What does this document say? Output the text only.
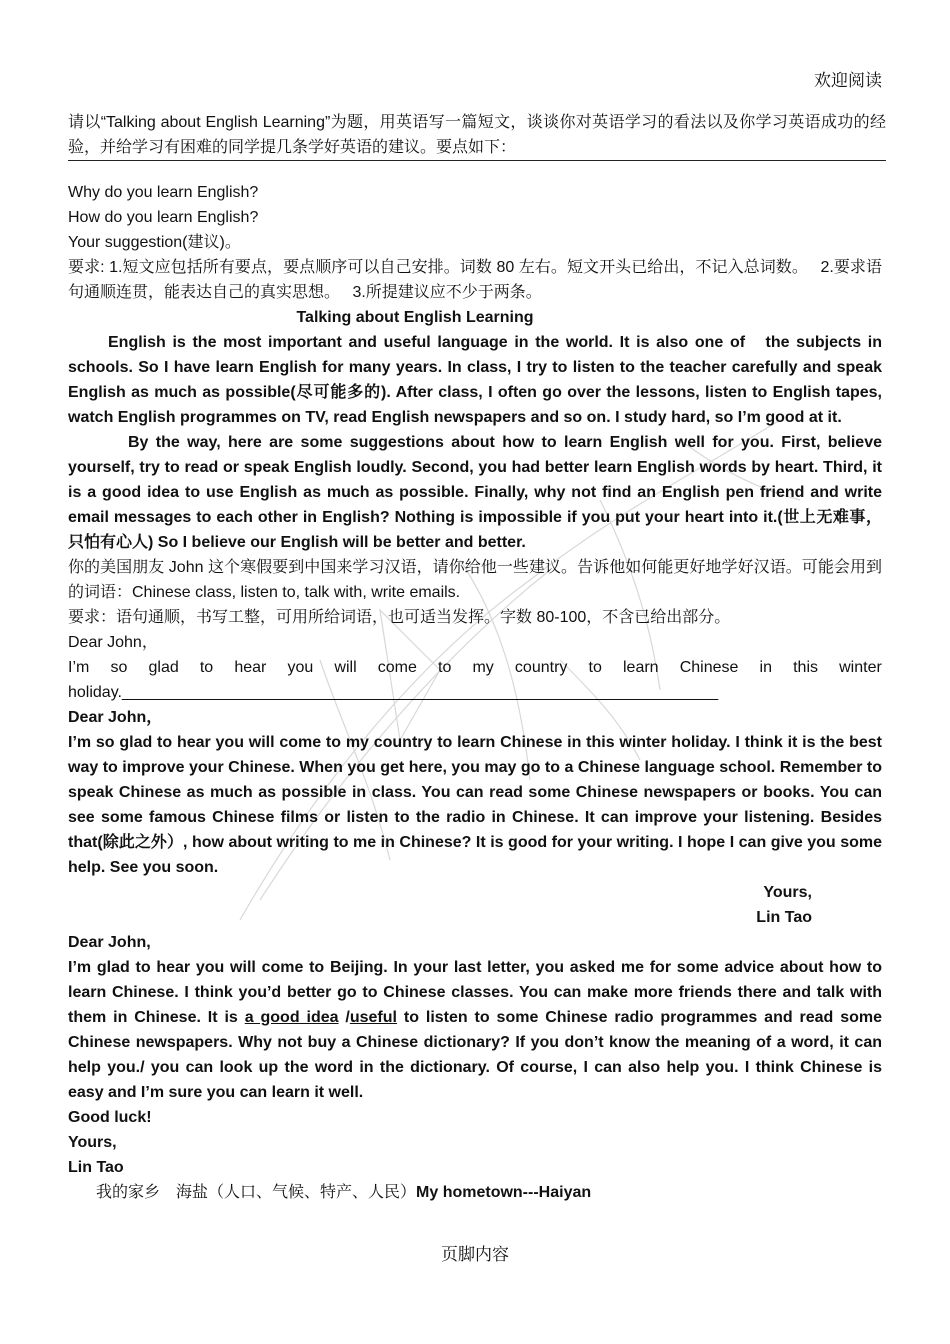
欢迎阅读
请以“Talking about English Learning”为题，用英语写一篇短文，谈谈你对英语学习的看法以及你学习英语成功的经验，并给学习有困难的同学提几条学好英语的建议。要点如下：
Why do you learn English?
How do you learn English?
Your suggestion(建议)。
要求: 1.短文应包括所有要点，要点顺序可以自己安排。词数 80 左右。短文开头已给出，不记入总词数。　 2.要求语句通顺连贯，能表达自己的真实思想。　 3.所提建议应不少于两条。
Talking about English Learning
English is the most important and useful language in the world. It is also one of　the subjects in schools. So I have learn English for many years. In class, I try to listen to the teacher carefully and speak English as much as possible(尽可能多的). After class, I often go over the lessons, listen to English tapes, watch English programmes on TV, read English newspapers and so on. I study hard, so I’m good at it.
By the way, here are some suggestions about how to learn English well for you. First, believe yourself, try to read or speak English loudly. Second, you had better learn English words by heart. Third, it is a good idea to use English as much as possible. Finally, why not find an English pen friend and write email messages to each other in English? Nothing is impossible if you put your heart into it.(世上无难事，只怕有心人) So I believe our English will be better and better.
你的美国朋友 John 这个寒假要到中国来学习汉语，请你给他一些建议。告诉他如何能更好地学好汉语。可能会用到的词语：Chinese class, listen to, talk with, write emails.
要求：语句通顺，书写工整，可用所给词语，也可适当发挥。字数 80-100，不含已给出部分。
Dear John，
I’m so glad to hear you will come to my country to learn Chinese in this winter
holiday.___________________________________________________________________
Dear John，
I’m so glad to hear you will come to my country to learn Chinese in this winter holiday. I think it is the best way to improve your Chinese. When you get here, you may go to a Chinese language school. Remember to speak Chinese as much as possible in class. You can read some Chinese newspapers or books. You can see some famous Chinese films or listen to the radio in Chinese. It can improve your listening. Besides that(除此之外）, how about writing to me in Chinese? It is good for your writing. I hope I can give you some help. See you soon.
Yours,
Lin Tao
Dear John,
I’m glad to hear you will come to Beijing. In your last letter, you asked me for some advice about how to learn Chinese. I think you’d better go to Chinese classes. You can make more friends there and talk with them in Chinese. It is a good idea /useful to listen to some Chinese radio programmes and read some Chinese newspapers. Why not buy a Chinese dictionary? If you don’t know the meaning of a word, it can help you./ you can look up the word in the dictionary. Of course, I can also help you. I think Chinese is easy and I’m sure you can learn it well.
Good luck!
Yours,
Lin Tao
我的家乡　海盐（人口、气候、特产、人民）My hometown---Haiyan
页脚内容
